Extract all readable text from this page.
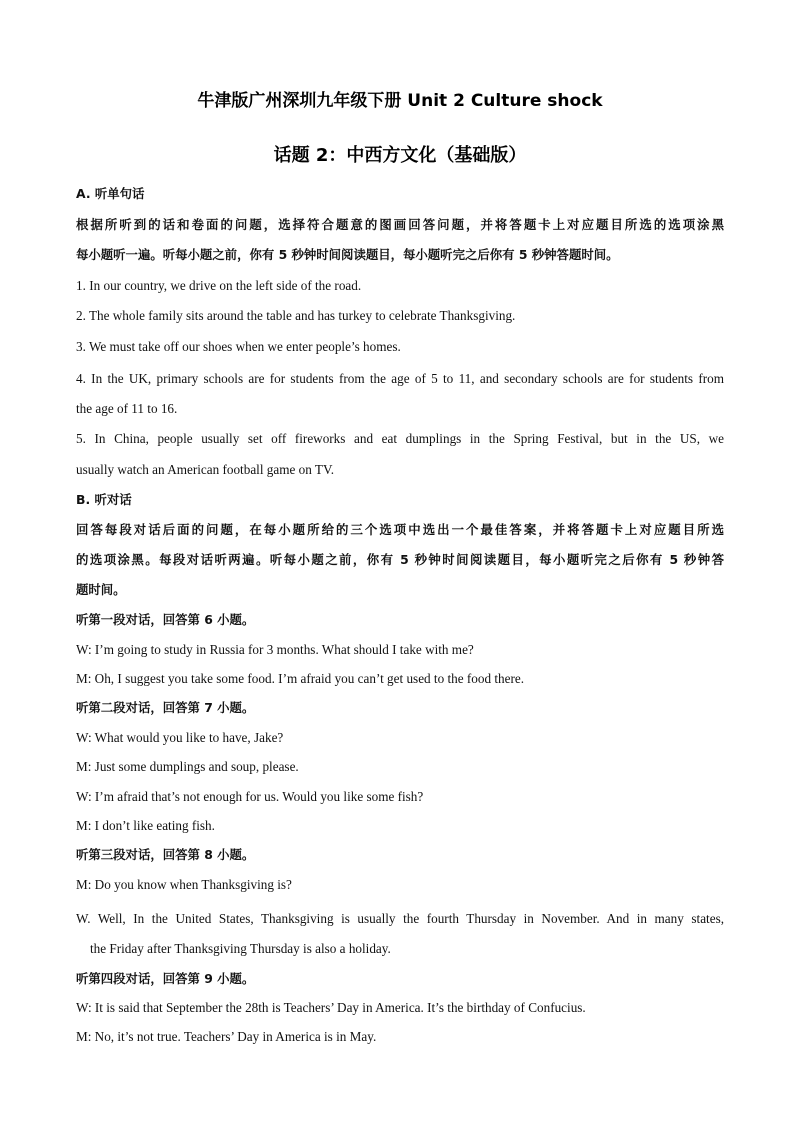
牛津版广州深圳九年级下册 Unit 2 Culture shock
话题 2：中西方文化（基础版）
A. 听单句话
根据所听到的话和卷面的问题，选择符合题意的图画回答问题，并将答题卡上对应题目所选的选项涂黑
每小题听一遍。听每小题之前，你有 5 秒钟时间阅读题目，每小题听完之后你有 5 秒钟答题时间。
1. In our country, we drive on the left side of the road.
2. The whole family sits around the table and has turkey to celebrate Thanksgiving.
3. We must take off our shoes when we enter people’s homes.
4. In the UK, primary schools are for students from the age of 5 to 11, and secondary schools are for students from
the age of 11 to 16.
5. In China, people usually set off fireworks and eat dumplings in the Spring Festival, but in the US, we
usually watch an American football game on TV.
B. 听对话
回答每段对话后面的问题，在每小题所给的三个选项中选出一个最佳答案，并将答题卡上对应题目所选
的选项涂黑。每段对话听两遍。听每小题之前，你有 5 秒钟时间阅读题目，每小题听完之后你有 5 秒钟答
题时间。
听第一段对话，回答第 6 小题。
W: I’m going to study in Russia for 3 months. What should I take with me?
M: Oh, I suggest you take some food. I’m afraid you can’t get used to the food there.
听第二段对话，回答第 7 小题。
W: What would you like to have, Jake?
M: Just some dumplings and soup, please.
W: I’m afraid that’s not enough for us. Would you like some fish?
M: I don’t like eating fish.
听第三段对话，回答第 8 小题。
M: Do you know when Thanksgiving is?
W. Well, In the United States, Thanksgiving is usually the fourth Thursday in November. And in many states,
the Friday after Thanksgiving Thursday is also a holiday.
听第四段对话，回答第 9 小题。
W: It is said that September the 28th is Teachers’ Day in America. It’s the birthday of Confucius.
M: No, it’s not true. Teachers’ Day in America is in May.
